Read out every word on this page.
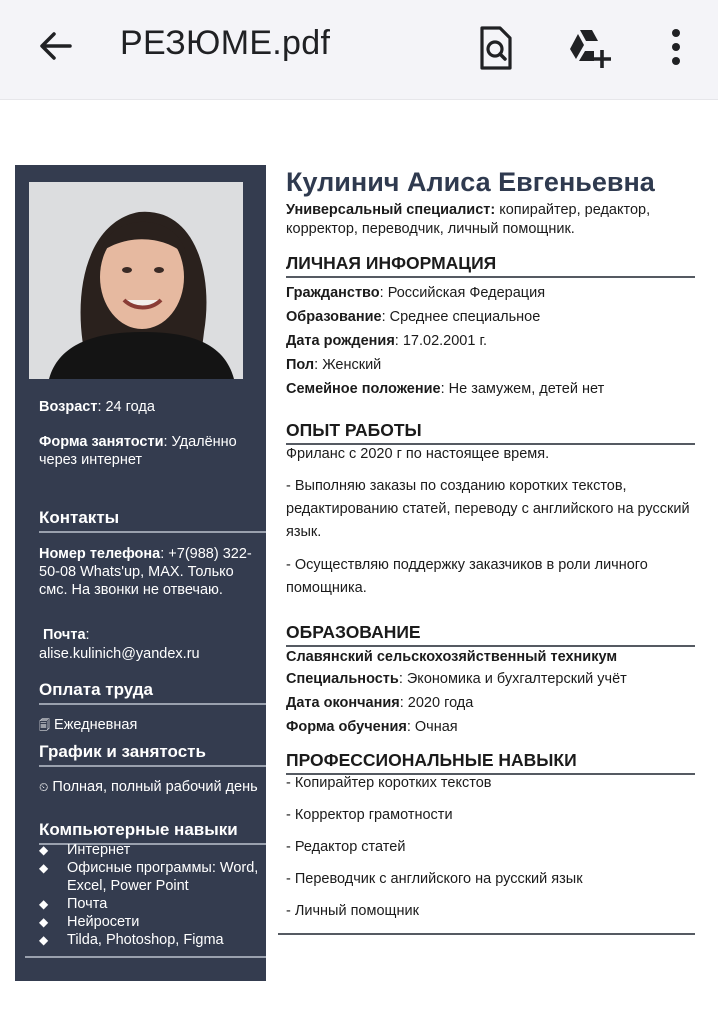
РЕЗЮМЕ.pdf
Возраст: 24 года
Форма занятости: Удалённо через интернет
Контакты
Номер телефона: +7(988) 322-50-08 Whats'up, MAX. Только смс. На звонки не отвечаю.
Почта:
alise.kulinich@yandex.ru
Оплата труда
🗐 Ежедневная
График и занятость
⏲ Полная, полный рабочий день
Компьютерные навыки
◆ Интернет
◆ Офисные программы: Word, Excel, Power Point
◆ Почта
◆ Нейросети
◆ Tilda, Photoshop, Figma
Кулинич Алиса Евгеньевна
Универсальный специалист: копирайтер, редактор, корректор, переводчик, личный помощник.
ЛИЧНАЯ ИНФОРМАЦИЯ
Гражданство: Российская Федерация
Образование: Среднее специальное
Дата рождения: 17.02.2001 г.
Пол: Женский
Семейное положение: Не замужем, детей нет
ОПЫТ РАБОТЫ
Фриланс с 2020 г по настоящее время.
- Выполняю заказы по созданию коротких текстов, редактированию статей, переводу с английского на русский язык.
- Осуществляю поддержку заказчиков в роли личного помощника.
ОБРАЗОВАНИЕ
Славянский сельскохозяйственный техникум
Специальность: Экономика и бухгалтерский учёт
Дата окончания: 2020 года
Форма обучения: Очная
ПРОФЕССИОНАЛЬНЫЕ НАВЫКИ
- Копирайтер коротких текстов
- Корректор грамотности
- Редактор статей
- Переводчик с английского на русский язык
- Личный помощник
